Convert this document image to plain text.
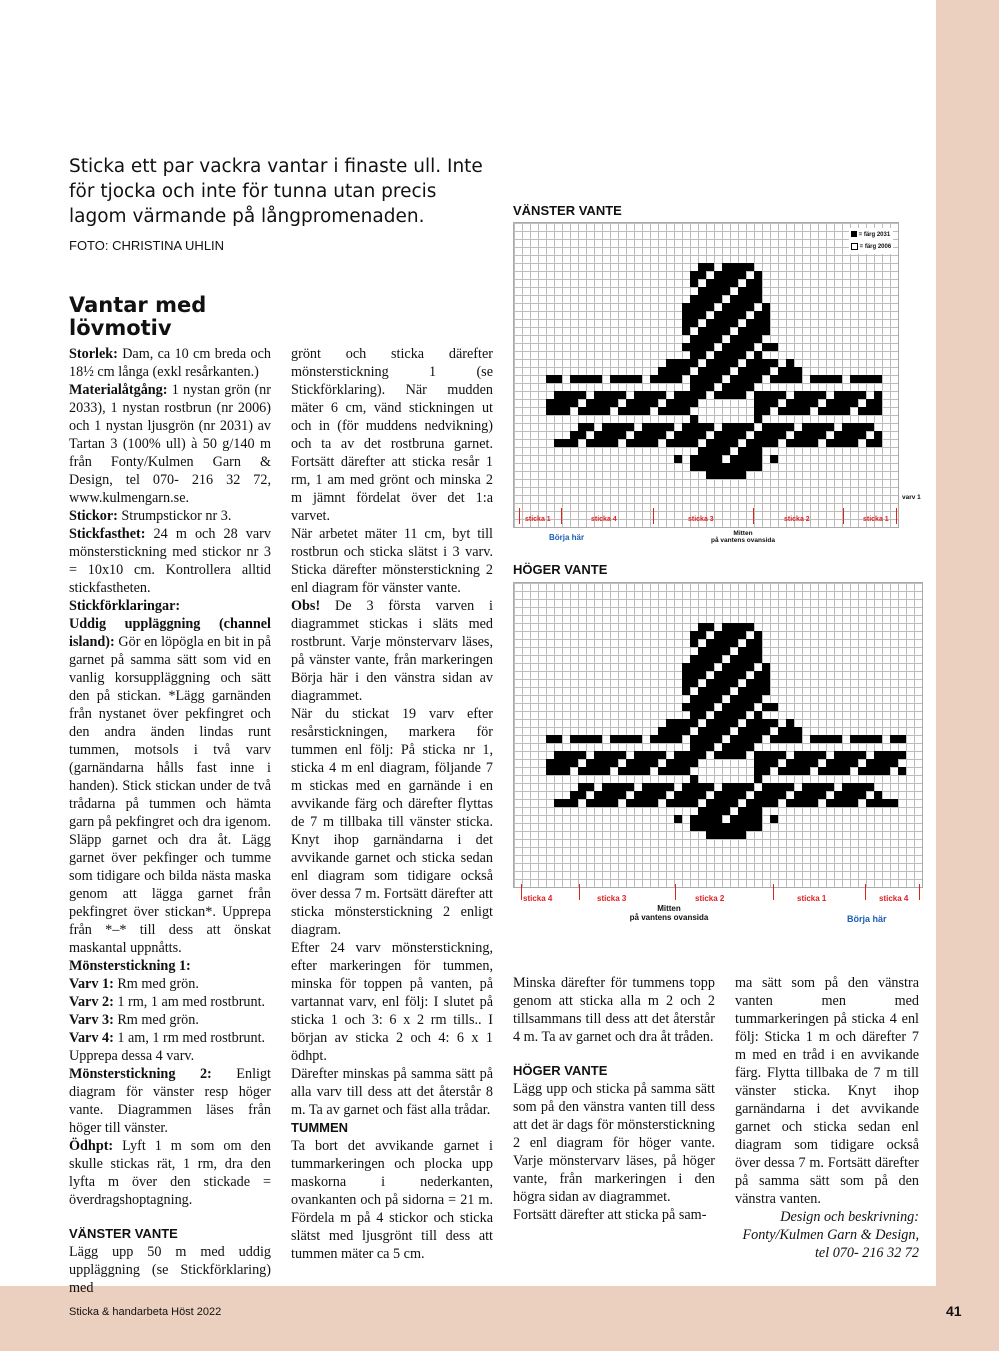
Sticka ett par vackra vantar i finaste ull. Inte för tjocka och inte för tunna utan precis lagom värmande på långpromenaden.
FOTO: CHRISTINA UHLIN
Vantar med lövmotiv

Storlek: Dam, ca 10 cm breda och 18½ cm långa (exkl resårkanten.)

Materialåtgång: 1 nystan grön (nr 2033), 1 nystan rostbrun (nr 2006) och 1 nystan ljusgrön (nr 2031) av Tartan 3 (100% ull) à 50 g/140 m från Fonty/Kulmen Garn & Design, tel 070- 216 32 72, www.kulmengarn.se.

Stickor: Strumpstickor nr 3.

Stickfasthet: 24 m och 28 varv mönsterstickning med stickor nr 3 = 10x10 cm. Kontrollera alltid stickfastheten.

Stickförklaringar:

Uddig uppläggning (channel island): Gör en löpögla en bit in på garnet på samma sätt som vid en vanlig korsuppläggning och sätt den på stickan. *Lägg garnänden från nystanet över pekfingret och den andra änden lindas runt tummen, motsols i två varv (garnändarna hålls fast inne i handen). Stick stickan under de två trådarna på tummen och hämta garn på pekfingret och dra igenom. Släpp garnet och dra åt. Lägg garnet över pekfinger och tumme som tidigare och bilda nästa maska genom att lägga garnet från pekfingret över stickan*. Upprepa från *–* till dess att önskat maskantal uppnåtts.

Mönsterstickning 1:

Varv 1: Rm med grön.

Varv 2: 1 rm, 1 am med rostbrunt.

Varv 3: Rm med grön.

Varv 4: 1 am, 1 rm med rostbrunt.

Upprepa dessa 4 varv.

Mönsterstickning 2: Enligt diagram för vänster resp höger vante. Diagrammen läses från höger till vänster.

Ödhpt: Lyft 1 m som om den skulle stickas rät, 1 rm, dra den lyfta m över den stickade = överdragshoptagning.

VÄNSTER VANTE

Lägg upp 50 m med uddig uppläggning (se Stickförklaring) med

grönt och sticka därefter mönsterstickning 1 (se Stickförklaring). När mudden mäter 6 cm, vänd stickningen ut och in (för muddens nedvikning) och ta av det rostbruna garnet. Fortsätt därefter att sticka resår 1 rm, 1 am med grönt och minska 2 m jämnt fördelat över det 1:a varvet.

När arbetet mäter 11 cm, byt till rostbrun och sticka slätst i 3 varv. Sticka därefter mönsterstickning 2 enl diagram för vänster vante.

Obs! De 3 första varven i diagrammet stickas i släts med rostbrunt. Varje mönstervarv läses, på vänster vante, från markeringen Börja här i den vänstra sidan av diagrammet.

När du stickat 19 varv efter resårstickningen, markera för tummen enl följ: På sticka nr 1, sticka 4 m enl diagram, följande 7 m stickas med en garnände i en avvikande färg och därefter flyttas de 7 m tillbaka till vänster sticka. Knyt ihop garnändarna i det avvikande garnet och sticka sedan enl diagram som tidigare också över dessa 7 m. Fortsätt därefter att sticka mönsterstickning 2 enligt diagram.

Efter 24 varv mönsterstickning, efter markeringen för tummen, minska för toppen på vanten, på vartannat varv, enl följ: I slutet på sticka 1 och 3: 6 x 2 rm tills.. I början av sticka 2 och 4: 6 x 1 ödhpt.

Därefter minskas på samma sätt på alla varv till dess att det återstår 8 m. Ta av garnet och fäst alla trådar.

TUMMEN

Ta bort det avvikande garnet i tummarkeringen och plocka upp maskorna i nederkanten, ovankanten och på sidorna = 21 m. Fördela m på 4 stickor och sticka slätst med ljusgrönt till dess att tummen mäter ca 5 cm.

Minska därefter för tummens topp genom att sticka alla m 2 och 2 tillsammans till dess att det återstår 4 m. Ta av garnet och dra åt tråden.

HÖGER VANTE

Lägg upp och sticka på samma sätt som på den vänstra vanten till dess att det är dags för mönsterstickning 2 enl diagram för höger vante. Varje mönstervarv läses, på höger vante, från markeringen i den högra sidan av diagrammet.

Fortsätt därefter att sticka på sam-

ma sätt som på den vänstra vanten men med tummarkeringen på sticka 4 enl följ: Sticka 1 m och därefter 7 m med en tråd i en avvikande färg. Flytta tillbaka de 7 m till vänster sticka. Knyt ihop garnändarna i det avvikande garnet och sticka sedan enl diagram som tidigare också över dessa 7 m. Fortsätt därefter på samma sätt som på den vänstra vanten.

Design och beskrivning: Fonty/Kulmen Garn & Design, tel 070- 216 32 72

VÄNSTER VANTE
= färg 2031
= färg 2006
varv 1
sticka 1	sticka 4	sticka 3	sticka 2	sticka 1
Börja här	Mitten
på vantens ovansida
HÖGER VANTE
sticka 4	sticka 3	sticka 2	sticka 1	sticka 4
Mitten
på vantens ovansida	Börja här
Sticka & handarbeta Höst 2022	41
